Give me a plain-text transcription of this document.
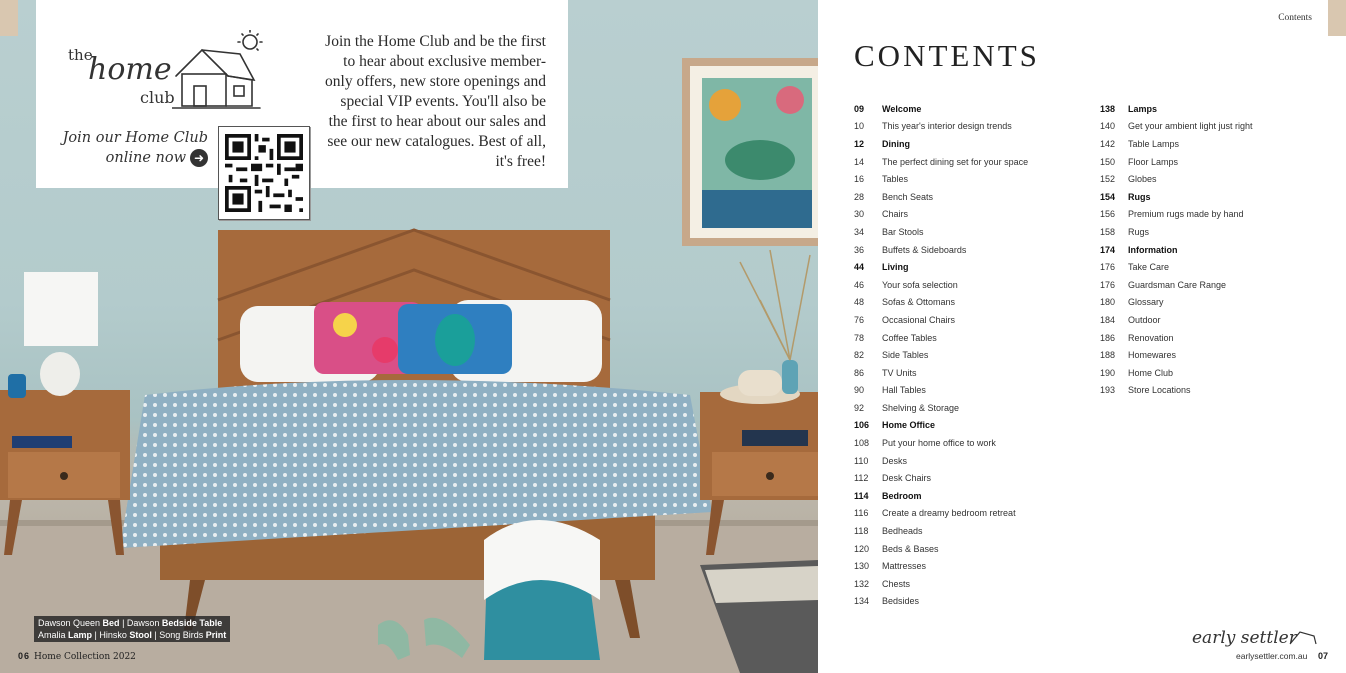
the
home
club
Join our Home Club online now ➜
Join the Home Club and be the first to hear about exclusive member-only offers, new store openings and special VIP events. You'll also be the first to hear about our sales and see our new catalogues. Best of all, it's free!
Dawson Queen Bed | Dawson Bedside Table
Amalia Lamp | Hinsko Stool | Song Birds Print
06 Home Collection 2022
Contents
CONTENTS
09	Welcome
10	This year's interior design trends
12	Dining
14	The perfect dining set for your space
16	Tables
28	Bench Seats
30	Chairs
34	Bar Stools
36	Buffets & Sideboards
44	Living
46	Your sofa selection
48	Sofas & Ottomans
76	Occasional Chairs
78	Coffee Tables
82	Side Tables
86	TV Units
90	Hall Tables
92	Shelving & Storage
106	Home Office
108	Put your home office to work
110	Desks
112	Desk Chairs
114	Bedroom
116	Create a dreamy bedroom retreat
118	Bedheads
120	Beds & Bases
130	Mattresses
132	Chests
134	Bedsides
138	Lamps
140	Get your ambient light just right
142	Table Lamps
150	Floor Lamps
152	Globes
154	Rugs
156	Premium rugs made by hand
158	Rugs
174	Information
176	Take Care
176	Guardsman Care Range
180	Glossary
184	Outdoor
186	Renovation
188	Homewares
190	Home Club
193	Store Locations
early settler
earlysettler.com.au 07
